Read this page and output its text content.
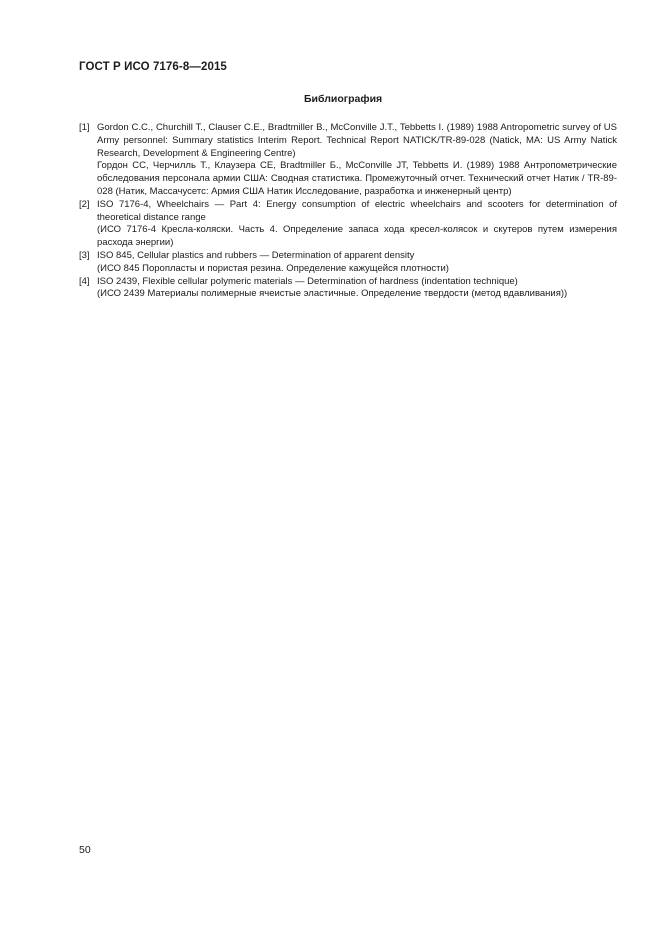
ГОСТ Р ИСО 7176-8—2015
Библиография
[1] Gordon C.C., Churchill T., Clauser C.E., Bradtmiller B., McConville J.T., Tebbetts I. (1989) 1988 Antropometric survey of US Army personnel: Summary statistics Interim Report. Technical Report NATICK/TR-89-028 (Natick, MA: US Army Natick Research, Development & Engineering Centre)

Гордон CC, Черчилль Т., Клаузера CE, Bradtmiller Б., McConville JT, Tebbetts И. (1989) 1988 Антропометрические обследования персонала армии США: Сводная статистика. Промежуточный отчет. Технический отчет Натик / TR-89-028 (Натик, Массачусетс: Армия США Натик Исследование, разработка и инженерный центр)

[2] ISO 7176-4, Wheelchairs — Part 4: Energy consumption of electric wheelchairs and scooters for determination of theoretical distance range

(ИСО 7176-4 Кресла-коляски. Часть 4. Определение запаса хода кресел-колясок и скутеров путем измерения расхода энергии)

[3] ISO 845, Cellular plastics and rubbers — Determination of apparent density

(ИСО 845 Поропласты и пористая резина. Определение кажущейся плотности)

[4] ISO 2439, Flexible cellular polymeric materials — Determination of hardness (indentation technique)

(ИСО 2439 Материалы полимерные ячеистые эластичные. Определение твердости (метод вдавливания))

50
